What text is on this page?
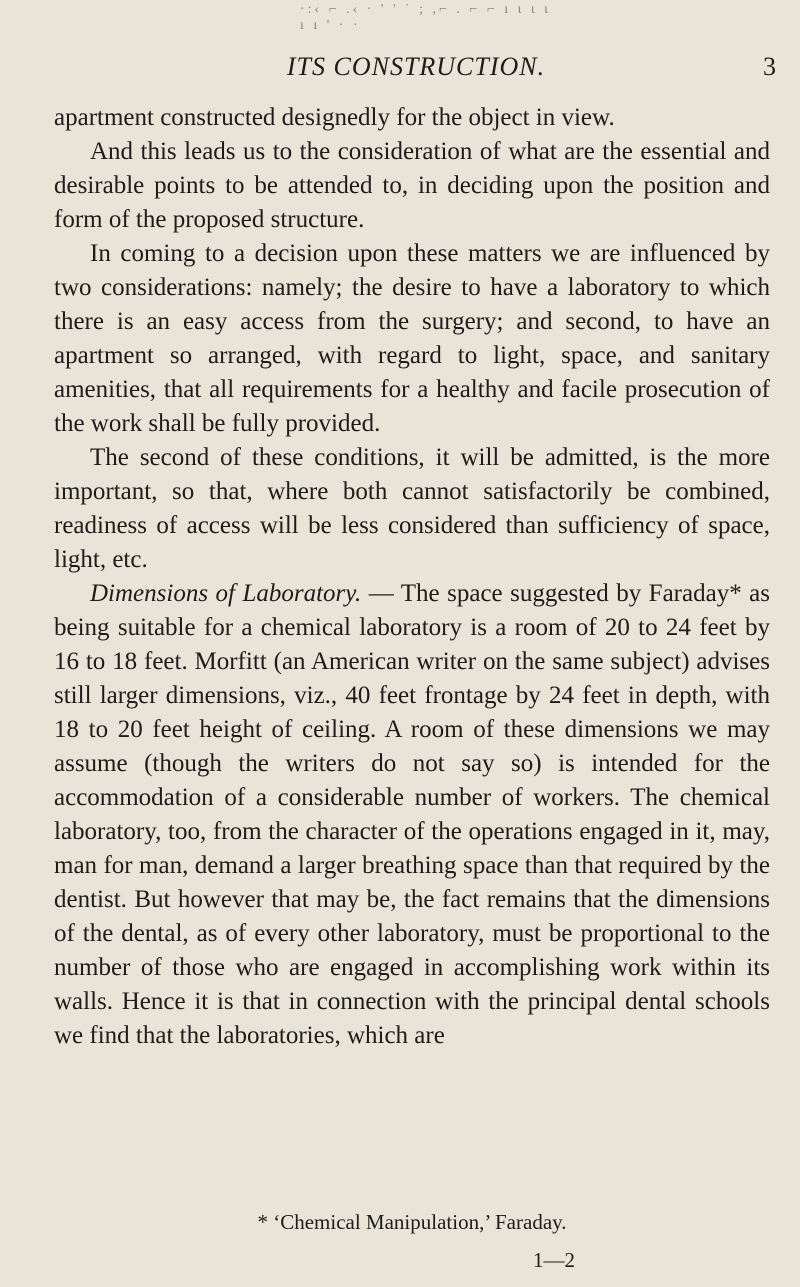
·:‹ ⌐ .‹ · ' ' ˙ ; ,⌐ . ⌐ ⌐ ı ι ι ι ı ı ' · ·
ITS CONSTRUCTION.	3

apartment constructed designedly for the object in view.

And this leads us to the consideration of what are the essential and desirable points to be attended to, in deciding upon the position and form of the proposed structure.

In coming to a decision upon these matters we are influenced by two considerations: namely; the desire to have a laboratory to which there is an easy access from the surgery; and second, to have an apartment so arranged, with regard to light, space, and sanitary amenities, that all requirements for a healthy and facile prosecution of the work shall be fully provided.

The second of these conditions, it will be admitted, is the more important, so that, where both cannot satisfactorily be combined, readiness of access will be less considered than sufficiency of space, light, etc.

Dimensions of Laboratory. — The space suggested by Faraday* as being suitable for a chemical laboratory is a room of 20 to 24 feet by 16 to 18 feet. Morfitt (an American writer on the same subject) advises still larger dimensions, viz., 40 feet frontage by 24 feet in depth, with 18 to 20 feet height of ceiling. A room of these dimensions we may assume (though the writers do not say so) is intended for the accommodation of a considerable number of workers. The chemical laboratory, too, from the character of the operations engaged in it, may, man for man, demand a larger breathing space than that required by the dentist. But however that may be, the fact remains that the dimensions of the dental, as of every other laboratory, must be proportional to the number of those who are engaged in accomplishing work within its walls. Hence it is that in connection with the principal dental schools we find that the laboratories, which are

* ‘Chemical Manipulation,’ Faraday.
1—2
